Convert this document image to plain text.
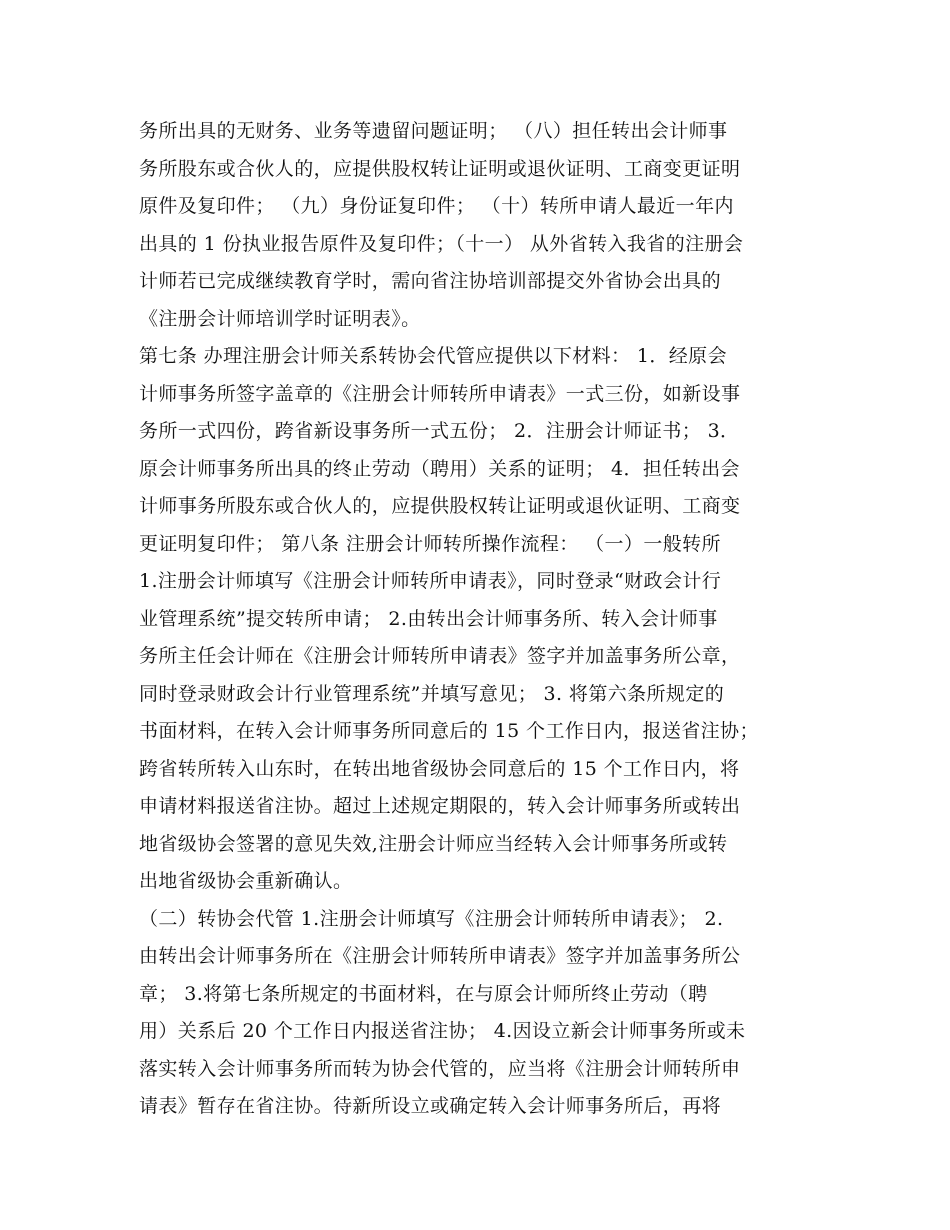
务所出具的无财务、业务等遗留问题证明； （八）担任转出会计师事
务所股东或合伙人的，应提供股权转让证明或退伙证明、工商变更证明
原件及复印件； （九）身份证复印件； （十）转所申请人最近一年内
出具的 1 份执业报告原件及复印件；（十一） 从外省转入我省的注册会
计师若已完成继续教育学时，需向省注协培训部提交外省协会出具的
《注册会计师培训学时证明表》。
第七条 办理注册会计师关系转协会代管应提供以下材料： 1．经原会
计师事务所签字盖章的《注册会计师转所申请表》一式三份，如新设事
务所一式四份，跨省新设事务所一式五份； 2．注册会计师证书； 3．
原会计师事务所出具的终止劳动（聘用）关系的证明； 4．担任转出会
计师事务所股东或合伙人的，应提供股权转让证明或退伙证明、工商变
更证明复印件； 第八条 注册会计师转所操作流程： （一）一般转所
1.注册会计师填写《注册会计师转所申请表》，同时登录“财政会计行
业管理系统”提交转所申请； 2.由转出会计师事务所、转入会计师事
务所主任会计师在《注册会计师转所申请表》签字并加盖事务所公章，
同时登录财政会计行业管理系统”并填写意见； 3. 将第六条所规定的
书面材料，在转入会计师事务所同意后的 15 个工作日内，报送省注协；
跨省转所转入山东时，在转出地省级协会同意后的 15 个工作日内，将
申请材料报送省注协。超过上述规定期限的，转入会计师事务所或转出
地省级协会签署的意见失效,注册会计师应当经转入会计师事务所或转
出地省级协会重新确认。
（二）转协会代管 1.注册会计师填写《注册会计师转所申请表》； 2.
由转出会计师事务所在《注册会计师转所申请表》签字并加盖事务所公
章； 3.将第七条所规定的书面材料，在与原会计师所终止劳动（聘
用）关系后 20 个工作日内报送省注协； 4.因设立新会计师事务所或未
落实转入会计师事务所而转为协会代管的，应当将《注册会计师转所申
请表》暂存在省注协。待新所设立或确定转入会计师事务所后，再将
